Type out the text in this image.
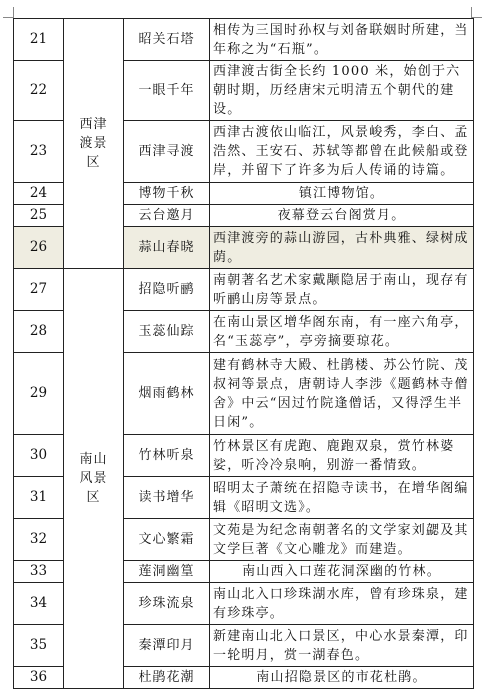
21	西津渡景区	昭关石塔	相传为三国时孙权与刘备联姻时所建，当年称之为“石瓶”。
22		一眼千年	西津渡古街全长约 1000 米，始创于六朝时期，历经唐宋元明清五个朝代的建设。
23		西津寻渡	西津古渡依山临江，风景峻秀，李白、孟浩然、王安石、苏轼等都曾在此候船或登岸，并留下了许多为后人传诵的诗篇。
24		博物千秋	镇江博物馆。
25		云台邀月	夜幕登云台阁赏月。
26		蒜山春晓	西津渡旁的蒜山游园，古朴典雅、绿树成荫。
27	南山风景区	招隐听鹂	南朝著名艺术家戴颙隐居于南山，现存有听鹂山房等景点。
28		玉蕊仙踪	在南山景区增华阁东南，有一座六角亭，名“玉蕊亭”，亭旁摘要琼花。
29		烟雨鹤林	建有鹤林寺大殿、杜鹃楼、苏公竹院、茂叔祠等景点，唐朝诗人李涉《题鹤林寺僧舍》中云“因过竹院逢僧话，又得浮生半日闲”。
30		竹林听泉	竹林景区有虎跑、鹿跑双泉，赏竹林婆娑，听冷冷泉响，别游一番情致。
31		读书增华	昭明太子萧统在招隐寺读书，在增华阁编辑《昭明文选》。
32		文心繁霜	文苑是为纪念南朝著名的文学家刘勰及其文学巨著《文心雕龙》而建造。
33		莲洞幽篁	南山西入口莲花洞深幽的竹林。
34		珍珠流泉	南山北入口珍珠湖水库，曾有珍珠泉，建有珍珠亭。
35		秦潭印月	新建南山北入口景区，中心水景秦潭，印一轮明月，赏一湖春色。
36		杜鹃花潮	南山招隐景区的市花杜鹃。
